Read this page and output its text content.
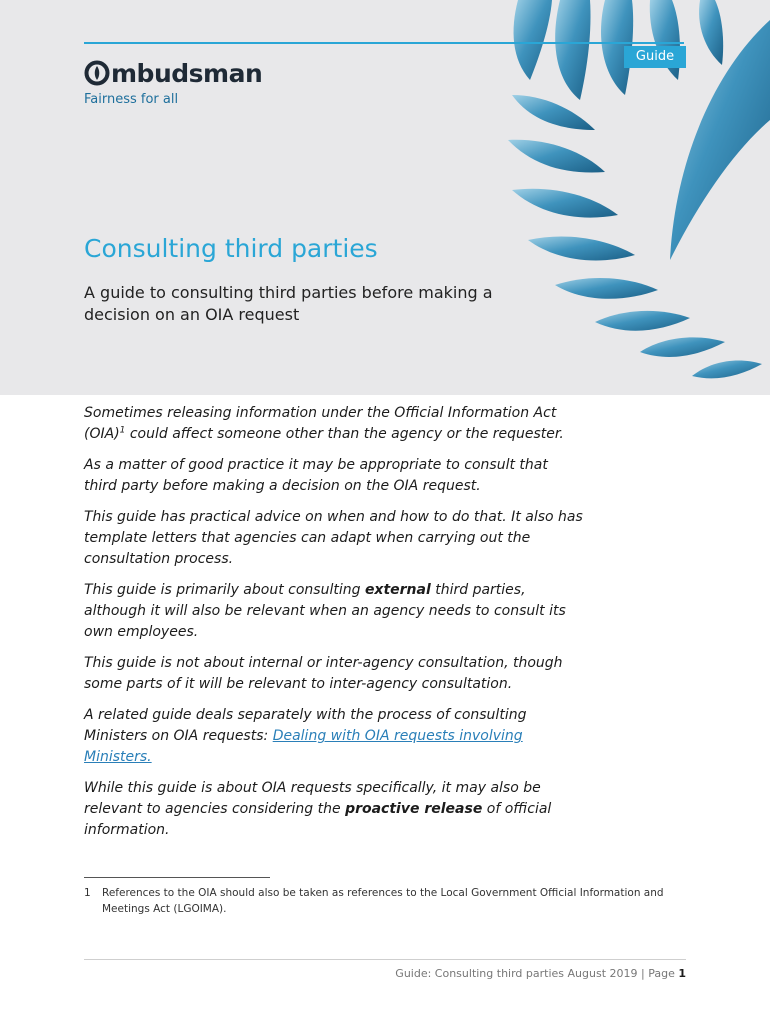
Guide
mbudsman
Fairness for all
Consulting third parties
A guide to consulting third parties before making a decision on an OIA request

Sometimes releasing information under the Official Information Act (OIA)$^1$ could affect someone other than the agency or the requester.

As a matter of good practice it may be appropriate to consult that third party before making a decision on the OIA request.

This guide has practical advice on when and how to do that. It also has template letters that agencies can adapt when carrying out the consultation process.

This guide is primarily about consulting external third parties, although it will also be relevant when an agency needs to consult its own employees.

This guide is not about internal or inter-agency consultation, though some parts of it will be relevant to inter-agency consultation.

A related guide deals separately with the process of consulting Ministers on OIA requests: Dealing with OIA requests involving Ministers.

While this guide is about OIA requests specifically, it may also be relevant to agencies considering the proactive release of official information.

1 References to the OIA should also be taken as references to the Local Government Official Information and Meetings Act (LGOIMA).
Guide: Consulting third parties August 2019 | Page 1
